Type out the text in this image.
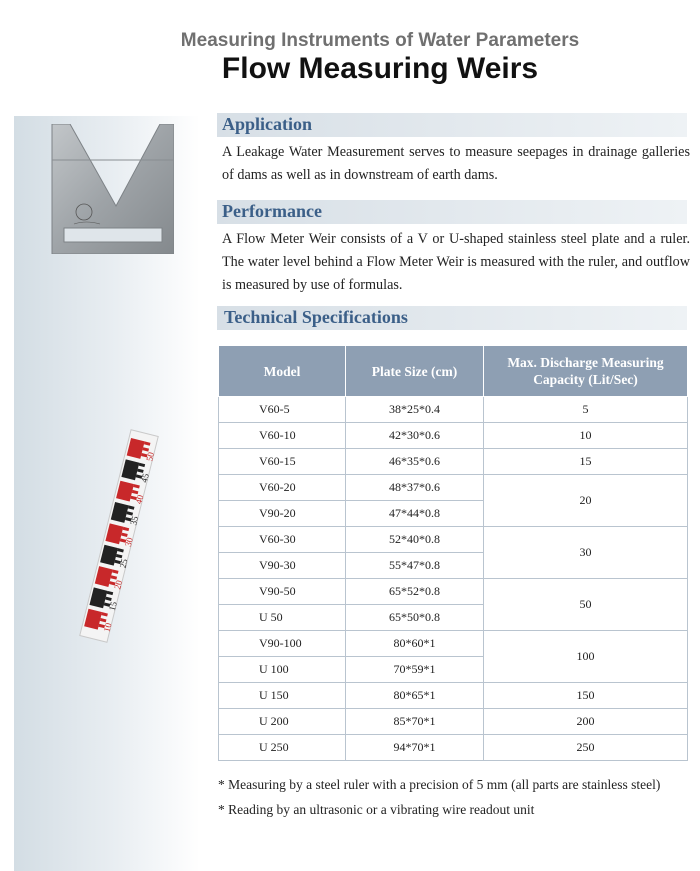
Measuring Instruments of Water Parameters
Flow Measuring Weirs
10
15
20
25
30
35
40
45
50
Application
A Leakage Water Measurement serves to measure seepages in drainage galleries of dams as well as in downstream of earth dams.
Performance
A Flow Meter Weir consists of a V or U-shaped stainless steel plate and a ruler. The water level behind a Flow Meter Weir is measured with the ruler, and outflow is measured by use of formulas.
Technical Specifications
Model	Plate Size (cm)	Max. Discharge Measuring Capacity (Lit/Sec)
V60-5	38*25*0.4	5
V60-10	42*30*0.6	10
V60-15	46*35*0.6	15
V60-20	48*37*0.6	20
V90-20	47*44*0.8	
V60-30	52*40*0.8	30
V90-30	55*47*0.8	
V90-50	65*52*0.8	50
U 50	65*50*0.8	
V90-100	80*60*1	100
U 100	70*59*1	
U 150	80*65*1	150
U 200	85*70*1	200
U 250	94*70*1	250
* Measuring by a steel ruler with a precision of 5 mm (all parts are stainless steel)
* Reading by an ultrasonic or a vibrating wire readout unit
